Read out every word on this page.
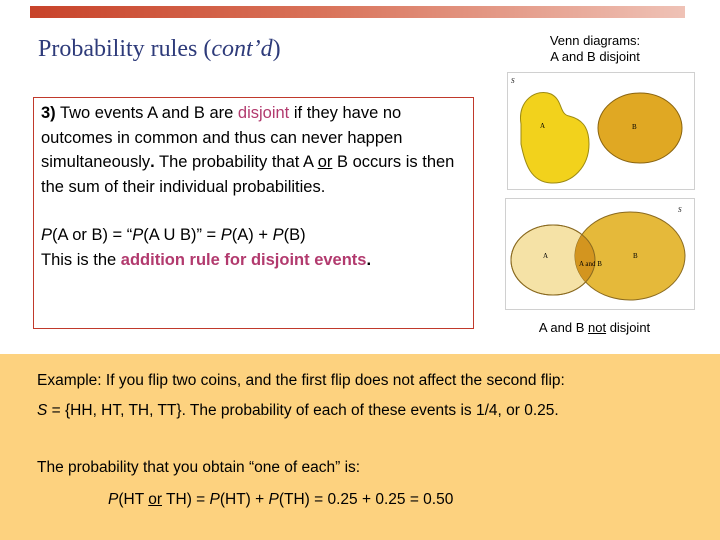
Probability rules (cont’d)	Venn diagrams:
A and B disjoint

3) Two events A and B are disjoint if they have no outcomes in common and thus can never happen simultaneously. The probability that A or B occurs is then the sum of their individual probabilities.

P(A or B) = “P(A U B)” = P(A) + P(B)

This is the addition rule for disjoint events.

S
A	B
S
A
A and B
B
A and B not disjoint

Example: If you flip two coins, and the first flip does not affect the second flip:

S = {HH, HT, TH, TT}. The probability of each of these events is 1/4, or 0.25.

The probability that you obtain “one of each” is:

P(HT or TH) = P(HT) + P(TH) = 0.25 + 0.25 = 0.50
